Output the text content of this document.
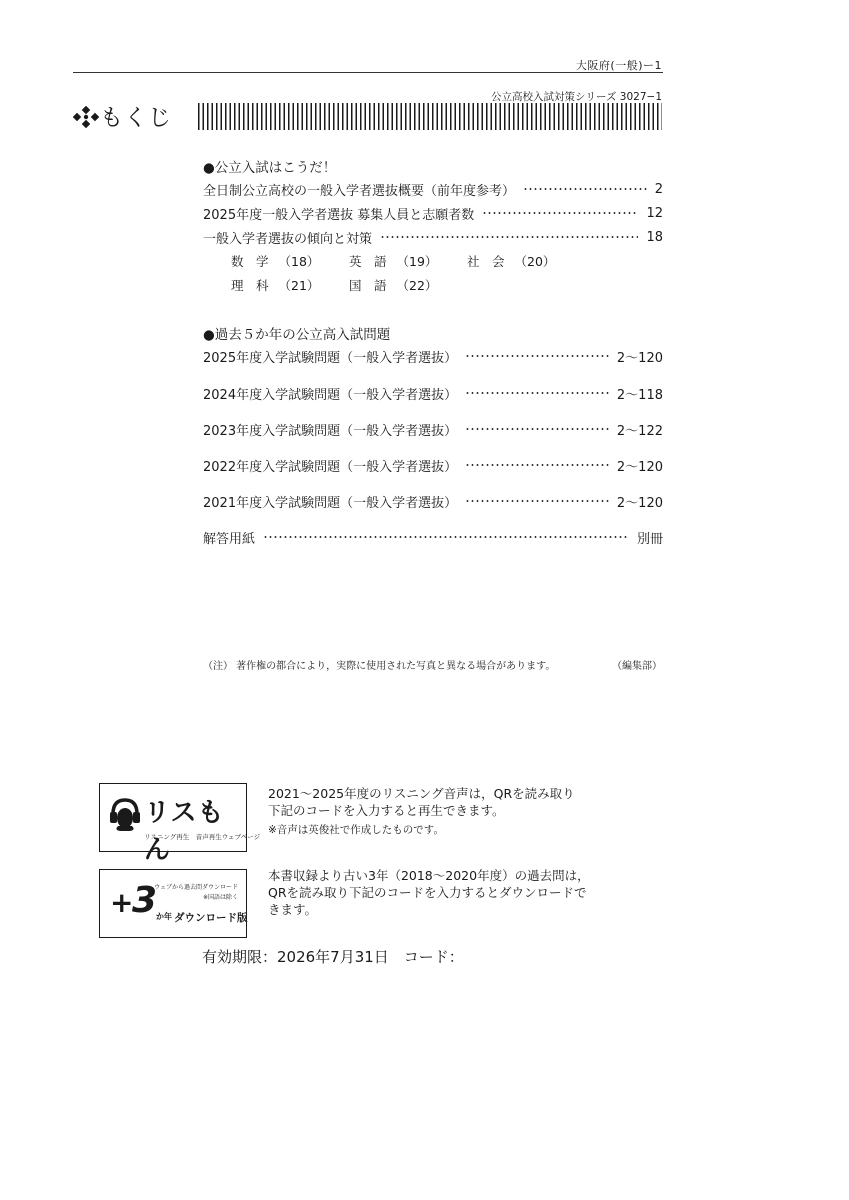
大阪府(一般)ー1
公立高校入試対策シリーズ 3027−1
もくじ
●公立入試はこうだ！
全日制公立高校の一般入学者選抜概要（前年度参考）	2
2025年度一般入学者選抜 募集人員と志願者数	12
一般入学者選抜の傾向と対策	18
数　学 （18） 英　語 （19） 社　会 （20）
理　科 （21） 国　語 （22）
●過去５か年の公立高入試問題
2025年度入学試験問題（一般入学者選抜）	2〜120
2024年度入学試験問題（一般入学者選抜）	2〜118
2023年度入学試験問題（一般入学者選抜）	2〜122
2022年度入学試験問題（一般入学者選抜）	2〜120
2021年度入学試験問題（一般入学者選抜）	2〜120
解答用紙	別冊
（注） 著作権の都合により，実際に使用された写真と異なる場合があります。	（編集部）
リスもん
リスニング再生　音声再生ウェブページ
2021〜2025年度のリスニング音声は，QRを読み取り
下記のコードを入力すると再生できます。
※音声は英俊社で作成したものです。
+
3
か年 ダウンロード版
ウェブから過去問ダウンロード
※国語は除く
本書収録より古い3年（2018〜2020年度）の過去問は，
QRを読み取り下記のコードを入力するとダウンロードで
きます。
有効期限：2026年7月31日　コード：
